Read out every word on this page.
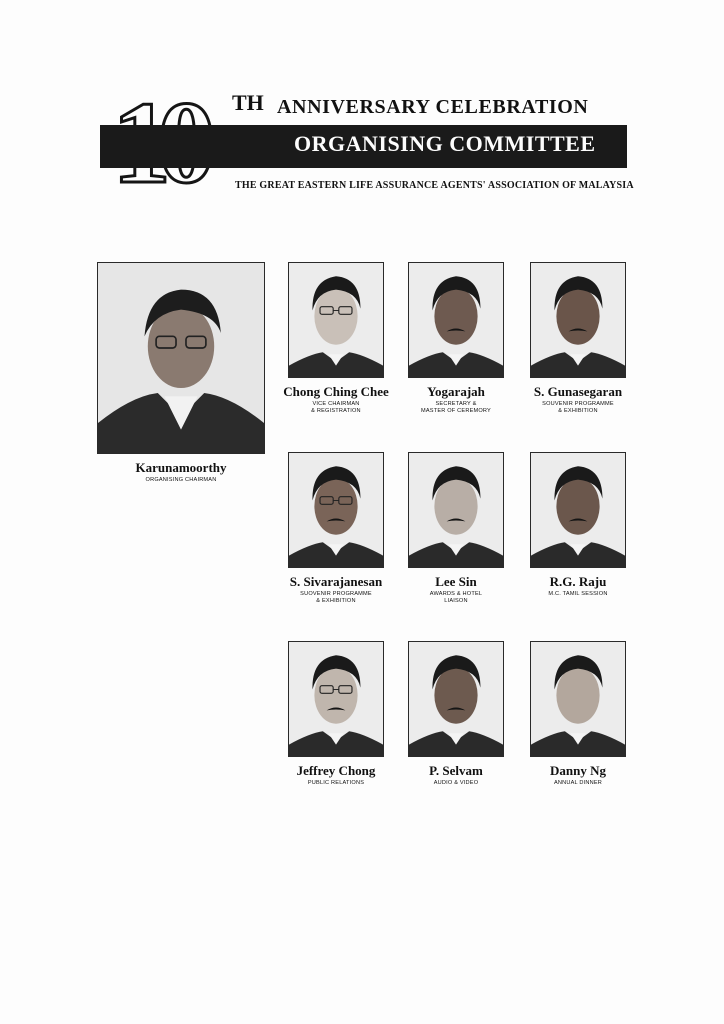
TH ANNIVERSARY CELEBRATION
ORGANISING COMMITTEE
THE GREAT EASTERN LIFE ASSURANCE AGENTS' ASSOCIATION OF MALAYSIA
Karunamoorthy
ORGANISING CHAIRMAN
Chong Ching Chee
VICE CHAIRMAN
& REGISTRATION
Yogarajah
SECRETARY &
MASTER OF CEREMORY
S. Gunasegaran
SOUVENIR PROGRAMME
& EXHIBITION
S. Sivarajanesan
SUOVENIR PROGRAMME
& EXHIBITION
Lee Sin
AWARDS & HOTEL
LIAISON
R.G. Raju
M.C. TAMIL SESSION
Jeffrey Chong
PUBLIC RELATIONS
P. Selvam
AUDIO & VIDEO
Danny Ng
ANNUAL DINNER
